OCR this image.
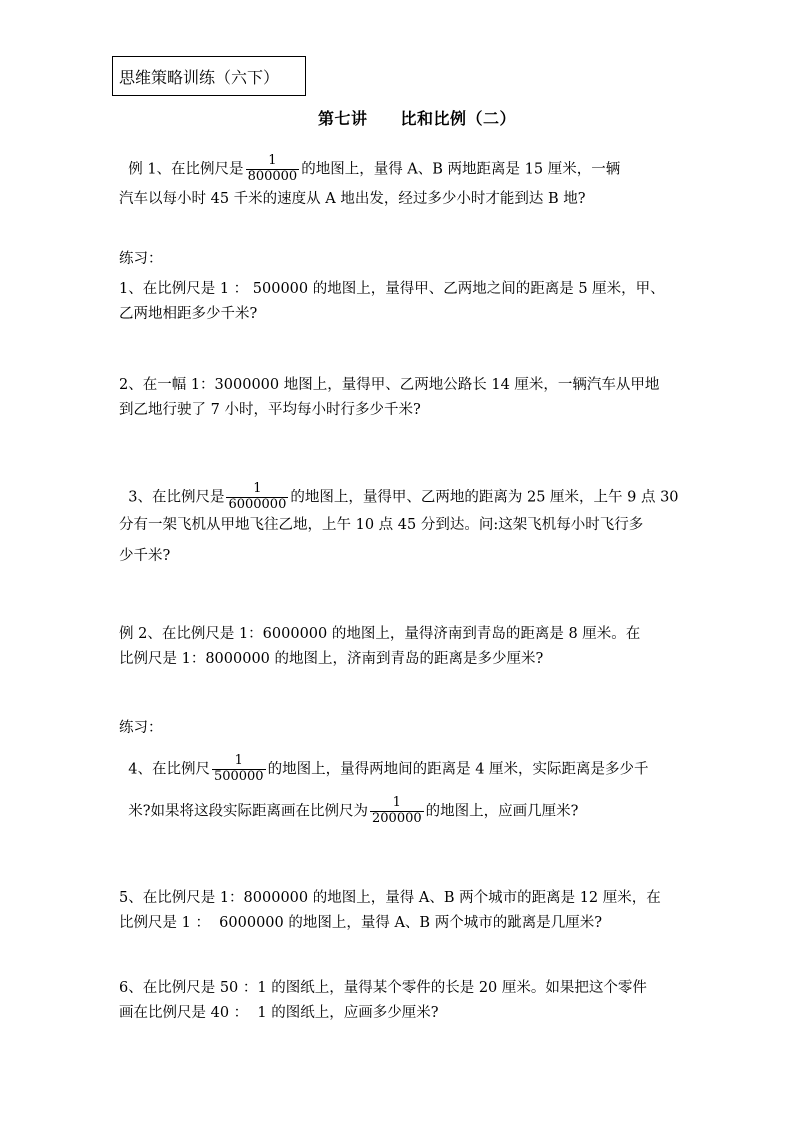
思维策略训练（六下）
第七讲　　比和比例（二）

例 1、在比例尺是 $\frac{1}{800000}$ 的地图上，量得 A、B 两地距离是 15 厘米，一辆

汽车以每小时 45 千米的速度从 A 地出发，经过多少小时才能到达 B 地?
练习：
1、在比例尺是 1 ： 500000 的地图上，量得甲、乙两地之间的距离是 5 厘米，甲、
乙两地相距多少千米?
2、在一幅 1：3000000 地图上，量得甲、乙两地公路长 14 厘米，一辆汽车从甲地
到乙地行驶了 7 小时，平均每小时行多少千米?

3、在比例尺是 $\frac{1}{6000000}$ 的地图上，量得甲、乙两地的距离为 25 厘米，上午 9 点 30

分有一架飞机从甲地飞往乙地，上午 10 点 45 分到达。问:这架飞机每小时飞行多
少千米?
例 2、在比例尺是 1：6000000 的地图上，量得济南到青岛的距离是 8 厘米。在
比例尺是 1：8000000 的地图上，济南到青岛的距离是多少厘米?
练习：

4、在比例尺 $\frac{1}{500000}$ 的地图上，量得两地间的距离是 4 厘米，实际距离是多少千

米?如果将这段实际距离画在比例尺为 $\frac{1}{200000}$ 的地图上，应画几厘米?

5、在比例尺是 1：8000000 的地图上，量得 A、B 两个城市的距离是 12 厘米，在
比例尺是 1 ：  6000000 的地图上，量得 A、B 两个城市的跐离是几厘米?
6、在比例尺是 50 ：1 的图纸上，量得某个零件的长是 20 厘米。如果把这个零件
画在比例尺是 40 ：  1 的图纸上，应画多少厘米?
